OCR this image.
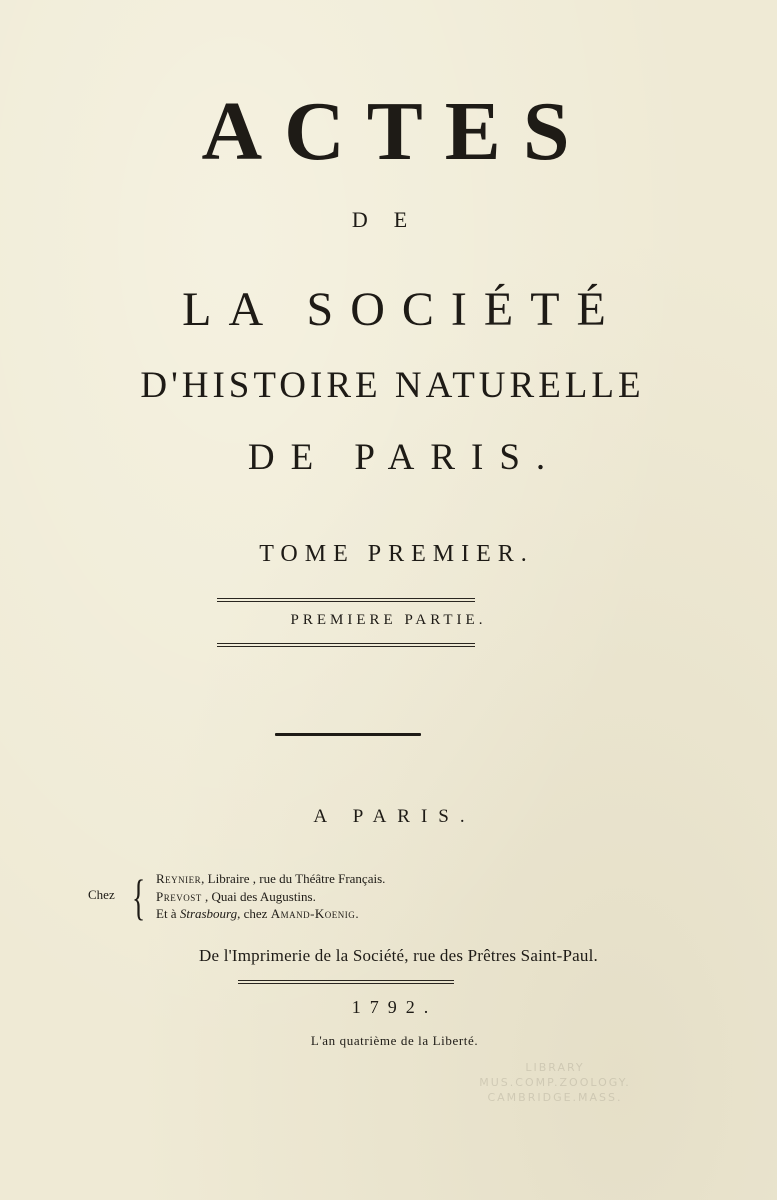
ACTES
DE
LA SOCIÉTÉ
D'HISTOIRE NATURELLE
DE PARIS.
TOME PREMIER.
PREMIERE PARTIE.
A PARIS.
Chez { Reynier, Libraire , rue du Théâtre Français.
Prevost , Quai des Augustins.
Et à Strasbourg, chez Amand-Koenig.
De l'Imprimerie de la Société, rue des Prêtres Saint-Paul.
1792.
L'an quatrième de la Liberté.
LIBRARY
MUS.COMP.ZOOLOGY.
CAMBRIDGE.MASS.
